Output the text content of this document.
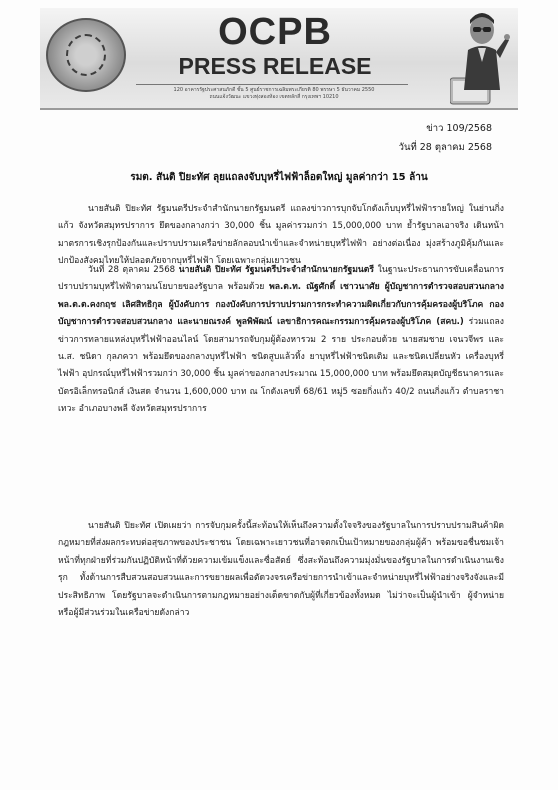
OCPB
PRESS RELEASE
120 อาคารรัฐประศาสนภักดี ชั้น 5 ศูนย์ราชการเฉลิมพระเกียรติ 80 พรรษา 5 ธันวาคม 2550
ถนนแจ้งวัฒนะ แขวงทุ่งสองห้อง เขตหลักสี่ กรุงเทพฯ 10210
ข่าว 109/2568
วันที่ 28 ตุลาคม 2568
รมต. สันติ ปิยะทัศ ลุยแถลงจับบุหรี่ไฟฟ้าล็อตใหญ่ มูลค่ากว่า 15 ล้าน
นายสันติ ปิยะทัศ รัฐมนตรีประจำสำนักนายกรัฐมนตรี แถลงข่าวการบุกจับโกดังเก็บบุหรี่ไฟฟ้ารายใหญ่ ในย่านกิ่งแก้ว จังหวัดสมุทรปราการ ยึดของกลางกว่า 30,000 ชิ้น มูลค่ารวมกว่า 15,000,000 บาท ย้ำรัฐบาลเอาจริง เดินหน้ามาตรการเชิงรุกป้องกันและปราบปรามเครือข่ายลักลอบนำเข้าและจำหน่ายบุหรี่ไฟฟ้า อย่างต่อเนื่อง มุ่งสร้างภูมิคุ้มกันและปกป้องสังคมไทยให้ปลอดภัยจากบุหรี่ไฟฟ้า โดยเฉพาะกลุ่มเยาวชน
วันที่ 28 ตุลาคม 2568 นายสันติ ปิยะทัศ รัฐมนตรีประจำสำนักนายกรัฐมนตรี ในฐานะประธานการขับเคลื่อนการปราบปรามบุหรี่ไฟฟ้าตามนโยบายของรัฐบาล พร้อมด้วย พล.ต.ท. ณัฐศักดิ์ เชาวนาศัย ผู้บัญชาการตำรวจสอบสวนกลาง พล.ต.ต.คงกฤช เลิศสิทธิกุล ผู้บังคับการ กองบังคับการปราบปรามการกระทำความผิดเกี่ยวกับการคุ้มครองผู้บริโภค กองบัญชาการตำรวจสอบสวนกลาง และนายณรงค์ พูลพิพัฒน์ เลขาธิการคณะกรรมการคุ้มครองผู้บริโภค (สคบ.) ร่วมแถลงข่าวการทลายแหล่งบุหรี่ไฟฟ้าออนไลน์ โดยสามารถจับกุมผู้ต้องหารวม 2 ราย ประกอบด้วย นายสมชาย เจนวจีพร และ น.ส. ชนิดา กุลภควา พร้อมยึดของกลางบุหรี่ไฟฟ้า ชนิดสูบแล้วทิ้ง ยาบุหรี่ไฟฟ้าชนิดเติม และชนิดเปลี่ยนหัว เครื่องบุหรี่ไฟฟ้า อุปกรณ์บุหรี่ไฟฟ้ารวมกว่า 30,000 ชิ้น มูลค่าของกลางประมาณ 15,000,000 บาท พร้อมยึดสมุดบัญชีธนาคารและบัตรอิเล็กทรอนิกส์ เงินสด จำนวน 1,600,000 บาท ณ โกดังเลขที่ 68/61 หมู่5 ซอยกิ่งแก้ว 40/2 ถนนกิ่งแก้ว ตำบลราชาเทวะ อำเภอบางพลี จังหวัดสมุทรปราการ
นายสันติ ปิยะทัศ เปิดเผยว่า การจับกุมครั้งนี้สะท้อนให้เห็นถึงความตั้งใจจริงของรัฐบาลในการปราบปรามสินค้าผิดกฎหมายที่ส่งผลกระทบต่อสุขภาพของประชาชน โดยเฉพาะเยาวชนที่อาจตกเป็นเป้าหมายของกลุ่มผู้ค้า พร้อมขอชื่นชมเจ้าหน้าที่ทุกฝ่ายที่ร่วมกันปฏิบัติหน้าที่ด้วยความเข้มแข็งและซื่อสัตย์ ซึ่งสะท้อนถึงความมุ่งมั่นของรัฐบาลในการดำเนินงานเชิงรุก ทั้งด้านการสืบสวนสอบสวนและการขยายผลเพื่อตัดวงจรเครือข่ายการนำเข้าและจำหน่ายบุหรี่ไฟฟ้าอย่างจริงจังและมีประสิทธิภาพ โดยรัฐบาลจะดำเนินการตามกฎหมายอย่างเด็ดขาดกับผู้ที่เกี่ยวข้องทั้งหมด ไม่ว่าจะเป็นผู้นำเข้า ผู้จำหน่าย หรือผู้มีส่วนร่วมในเครือข่ายดังกล่าว
